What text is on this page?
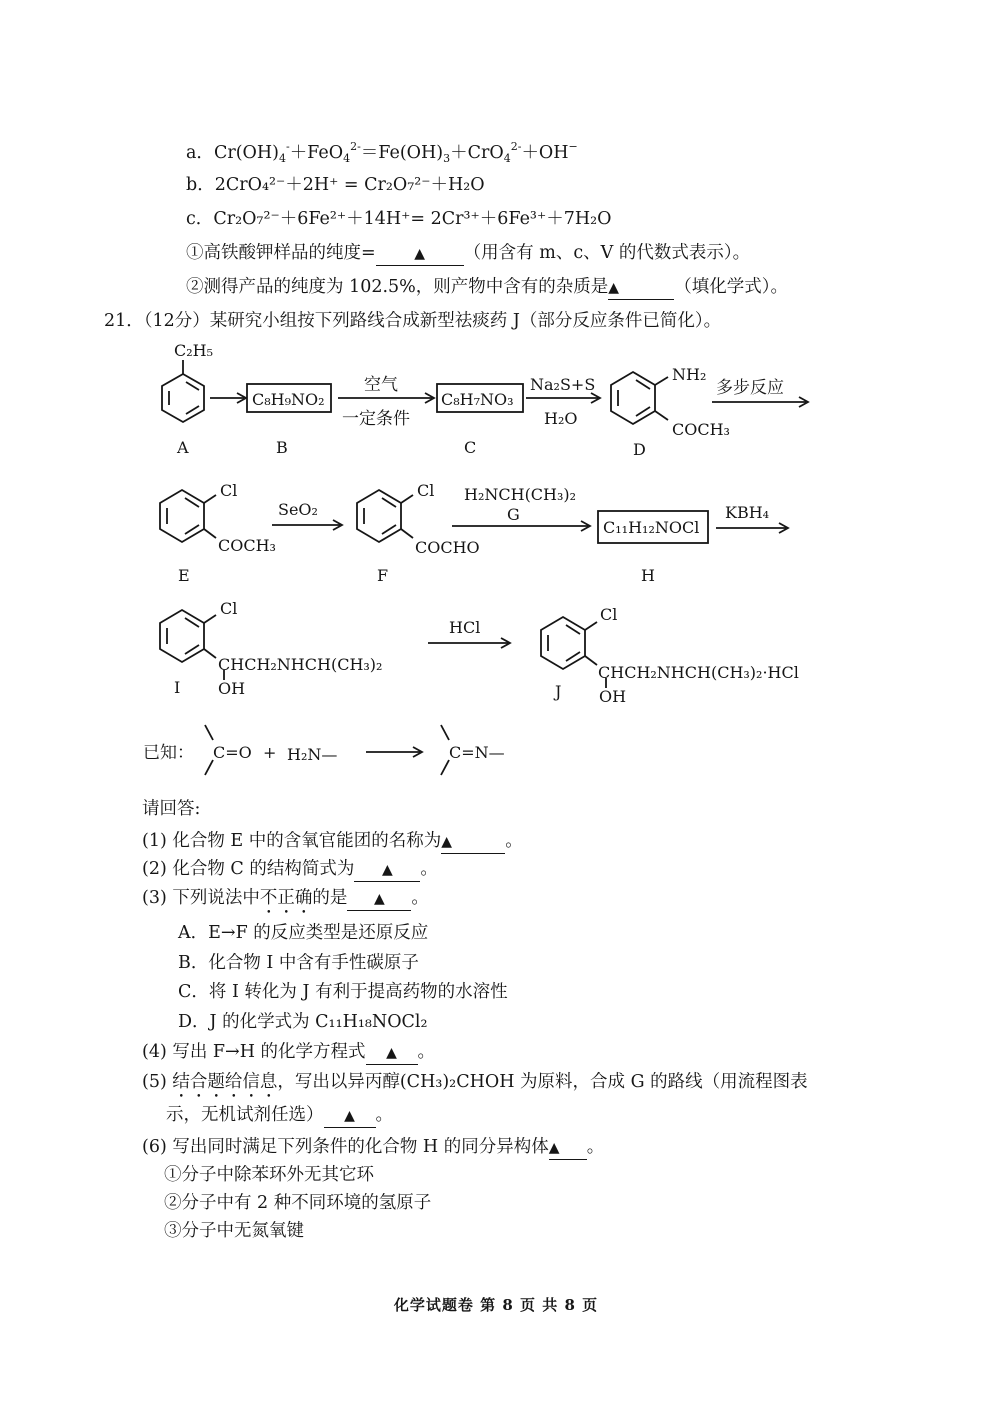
a．$Cr(OH)_4^-+FeO_4^{2-}=Fe(OH)_3+CrO_4^{2-}+OH^-$
b．2CrO₄²⁻＋2H⁺ = Cr₂O₇²⁻＋H₂O
c．Cr₂O₇²⁻＋6Fe²⁺＋14H⁺= 2Cr³⁺＋6Fe³⁺＋7H₂O
①高铁酸钾样品的纯度=	▲ （用含有 m、c、V 的代数式表示）。
②测得产品的纯度为 102.5%，则产物中含有的杂质是▲	（填化学式）。
21．（12分）某研究小组按下列路线合成新型祛痰药 J（部分反应条件已简化）。
C₂H₅
C₈H₉NO₂
空气
一定条件
C₈H₇NO₃
Na₂S+S
H₂O
NH₂
COCH₃
多步反应
Cl
COCH₃
SeO₂
Cl
COCHO
H₂NCH(CH₃)₂
G
C₁₁H₁₂NOCl
KBH₄
Cl
CHCH₂NHCH(CH₃)₂
OH
HCl
Cl
CHCH₂NHCH(CH₃)₂·HCl
OH
A	B	C	D
E	F	H
I	J
已知： C=O + H₂N—	C=N—
请回答:
(1) 化合物 E 中的含氧官能团的名称为▲	。
(2) 化合物 C 的结构简式为 ▲ 。
(3) 下列说法中不正确的是 ▲ 。
A．E→F 的反应类型是还原反应
B．化合物 I 中含有手性碳原子
C．将 I 转化为 J 有利于提高药物的水溶性
D．J 的化学式为 C₁₁H₁₈NOCl₂
(4) 写出 F→H 的化学方程式 ▲ 。
(5) 结合题给信息，写出以异丙醇(CH₃)₂CHOH 为原料，合成 G 的路线（用流程图表
示，无机试剂任选） ▲ 。
(6) 写出同时满足下列条件的化合物 H 的同分异构体▲ 。
①分子中除苯环外无其它环
②分子中有 2 种不同环境的氢原子
③分子中无氮氧键
化学试题卷 第 8 页 共 8 页
